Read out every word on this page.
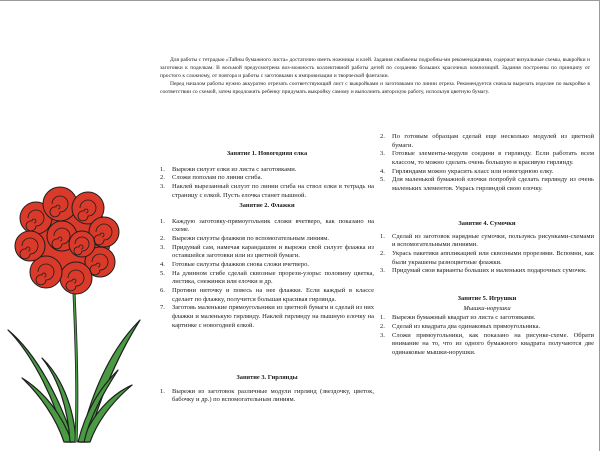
Для работы с тетрадью «Тайны бумажного листа» достаточно иметь ножницы и клей. Задания снабжены подробны-ми рекомендациями, содержат визуальные схемы, выкройки и заготовки к поделкам. В восьмой предусмотрена воз-можность коллективной работы детей по созданию больших красочных композиций. Задания построены по принципу от простого к сложному, от повтора и работы с заготовками к импровизации и творческой фантазии.

Перед началом работы нужно аккуратно отрезать соответствующий лист с выкройками и заготовками по линии отреза. Рекомендуется сначала вырезать изделие по выкройке в соответствии со схемой, затем предложить ребенку придумать выкройку самому и выполнить авторскую работу, используя цветную бумагу.

Занятие 1. Новогодняя елка
1.	Вырежи силуэт елки из листа с заготовками.
2.	Сложи пополам по линии сгиба.
3.	Наклей вырезанный силуэт по линии сгиба на ствол елки в тетрадь на страницу с елкой. Пусть елочка станет пышной.
Занятие 2. Флажки
1.	Каждую заготовку-прямоугольник сложи вчетверо, как показано на схеме.
2.	Вырежи силуэты флажков по вспомогательным линиям.
3.	Придумай сам, намечая карандашом и вырежи свой силуэт флажка из оставшейся заготовки или из цветной бумаги.
4.	Готовые силуэты флажков снова сложи вчетверо.
5.	На длинном сгибе сделай сквозные прорези-узоры: половину цветка, листика, снежинки или елочки и др.
6.	Протяни ниточку и повесь на нее флажки. Если каждый в классе сделает по флажку, получится большая красивая гирлянда.
7.	Заготовь маленькие прямоугольники из цветной бумаги и сделай из них флажки и маленькую гирлянду. Наклей гирлянду на пышную елочку на картинке с новогодней елкой.
Занятие 3. Гирлянды
1.	Вырежи из заготовок различные модули гирлянд (звездочку, цветок, бабочку и др.) по вспомогательным линиям.
2.	По готовым образцам сделай еще несколько модулей из цветной бумаги.
3.	Готовые элементы-модули соедини в гирлянду. Если работать всем классом, то можно сделать очень большую и красивую гирлянду.
4.	Гирляндами можно украсить класс или новогоднюю елку.
5.	Для маленькой бумажной елочки попробуй сделать гирлянду из очень маленьких элементов. Укрась гирляндой свою елочку.
Занятие 4. Сумочки
1.	Сделай из заготовок нарядные сумочки, пользуясь рисунками-схемами и вспомогательными линиями.
2.	Укрась пакетики аппликацией или сквозными прорезями. Вспомни, как были украшены разноцветные флажки.
3.	Придумай свои варианты больших и маленьких подарочных сумочек.
Занятие 5. Игрушки
Мышки-норушки
1.	Вырежи бумажный квадрат из листа с заготовками.
2.	Сделай из квадрата два одинаковых прямоугольника.
3.	Сложи прямоугольники, как показано на рисунке-схеме. Обрати внимание на то, что из одного бумажного квадрата получаются две одинаковые мышки-норушки.
